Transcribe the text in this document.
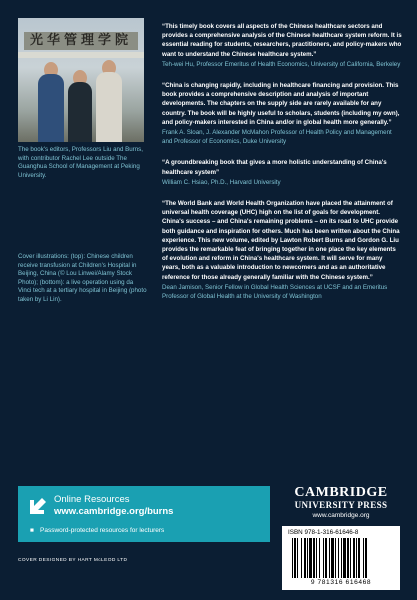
光华管理学院
The book's editors, Professors Liu and Burns, with contributor Rachel Lee outside The Guanghua School of Management at Peking University.
Cover illustrations: (top): Chinese children receive transfusion at Children's Hospital in Beijing, China (© Lou Linwei/Alamy Stock Photo); (bottom): a live operation using da Vinci tech at a tertiary hospital in Beijing (photo taken by Li Lin).
“This timely book covers all aspects of the Chinese healthcare sectors and provides a comprehensive analysis of the Chinese healthcare system reform. It is essential reading for students, researchers, practitioners, and policy-makers who want to understand the Chinese healthcare system.”
Teh-wei Hu, Professor Emeritus of Health Economics, University of California, Berkeley
“China is changing rapidly, including in healthcare financing and provision. This book provides a comprehensive description and analysis of important developments. The chapters on the supply side are rarely available for any country. The book will be highly useful to scholars, students (including my own), and policy-makers interested in China and/or in global health more generally.”
Frank A. Sloan, J. Alexander McMahon Professor of Health Policy and Management and Professor of Economics, Duke University
“A groundbreaking book that gives a more holistic understanding of China's healthcare system”
William C. Hsiao, Ph.D., Harvard University
“The World Bank and World Health Organization have placed the attainment of universal health coverage (UHC) high on the list of goals for development. China's success – and China's remaining problems – on its road to UHC provide both guidance and inspiration for others. Much has been written about the China experience. This new volume, edited by Lawton Robert Burns and Gordon G. Liu provides the remarkable feat of bringing together in one place the key elements of evolution and reform in China's healthcare system. It will serve for many years, both as a valuable introduction to newcomers and as an authoritative reference for those already generally familiar with the Chinese system.”
Dean Jamison, Senior Fellow in Global Health Sciences at UCSF and an Emeritus Professor of Global Health at the University of Washington
Online Resources
www.cambridge.org/burns
■ Password-protected resources for lecturers
COVER DESIGNED BY HART McLEOD LTD
CAMBRIDGE
UNIVERSITY PRESS
www.cambridge.org
ISBN 978-1-316-61646-8
9 781316 616468
